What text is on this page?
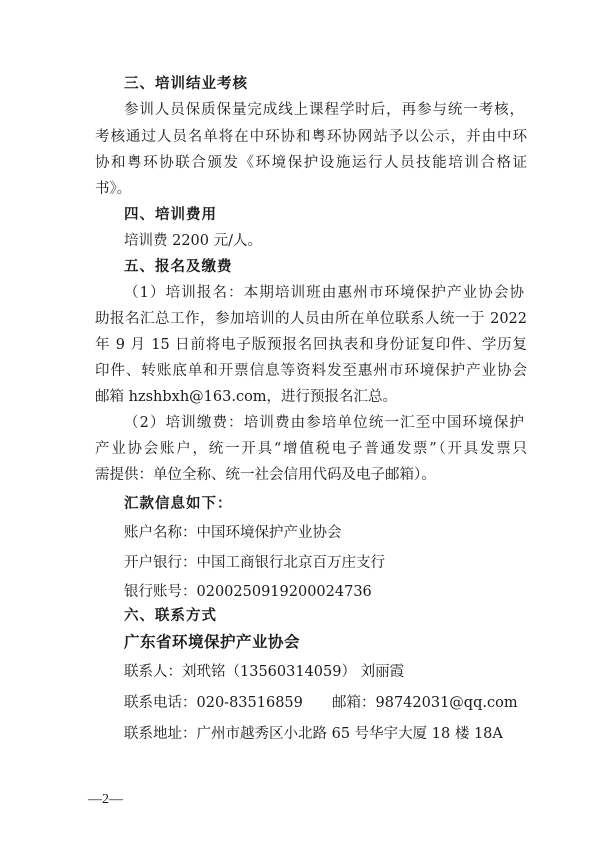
三、培训结业考核
参训人员保质保量完成线上课程学时后，再参与统一考核，
考核通过人员名单将在中环协和粤环协网站予以公示，并由中环
协和粤环协联合颁发《环境保护设施运行人员技能培训合格证
书》。
四、培训费用
培训费 2200 元/人。
五、报名及缴费
（1）培训报名：本期培训班由惠州市环境保护产业协会协
助报名汇总工作，参加培训的人员由所在单位联系人统一于 2022
年 9 月 15 日前将电子版预报名回执表和身份证复印件、学历复
印件、转账底单和开票信息等资料发至惠州市环境保护产业协会
邮箱 hzshbxh@163.com，进行预报名汇总。
（2）培训缴费：培训费由参培单位统一汇至中国环境保护
产业协会账户，统一开具“增值税电子普通发票”（开具发票只
需提供：单位全称、统一社会信用代码及电子邮箱）。
汇款信息如下：
账户名称：中国环境保护产业协会
开户银行：中国工商银行北京百万庄支行
银行账号：0200250919200024736
六、联系方式
广东省环境保护产业协会
联系人：刘玳铭（13560314059） 刘丽霞
联系电话：020-83516859 邮箱：98742031@qq.com
联系地址：广州市越秀区小北路 65 号华宇大厦 18 楼 18A
—2—
